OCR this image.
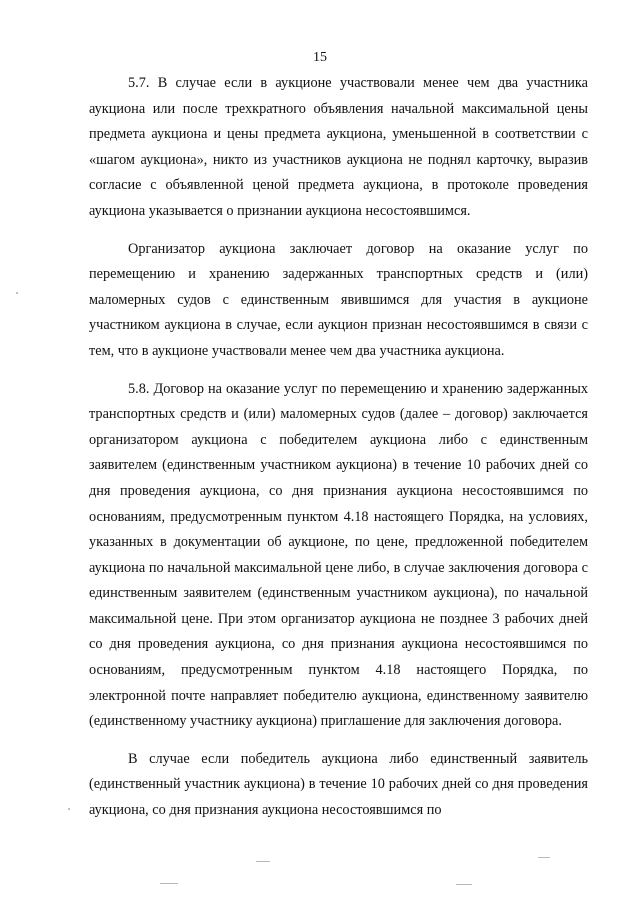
15

5.7. В случае если в аукционе участвовали менее чем два участника аукциона или после трехкратного объявления начальной максимальной цены предмета аукциона и цены предмета аукциона, уменьшенной в соответствии с «шагом аукциона», никто из участников аукциона не поднял карточку, выразив согласие с объявленной ценой предмета аукциона, в протоколе проведения аукциона указывается о признании аукциона несостоявшимся.

Организатор аукциона заключает договор на оказание услуг по перемещению и хранению задержанных транспортных средств и (или) маломерных судов с единственным явившимся для участия в аукционе участником аукциона в случае, если аукцион признан несостоявшимся в связи с тем, что в аукционе участвовали менее чем два участника аукциона.

5.8. Договор на оказание услуг по перемещению и хранению задержанных транспортных средств и (или) маломерных судов (далее – договор) заключается организатором аукциона с победителем аукциона либо с единственным заявителем (единственным участником аукциона) в течение 10 рабочих дней со дня проведения аукциона, со дня признания аукциона несостоявшимся по основаниям, предусмотренным пунктом 4.18 настоящего Порядка, на условиях, указанных в документации об аукционе, по цене, предложенной победителем аукциона по начальной максимальной цене либо, в случае заключения договора с единственным заявителем (единственным участником аукциона), по начальной максимальной цене. При этом организатор аукциона не позднее 3 рабочих дней со дня проведения аукциона, со дня признания аукциона несостоявшимся по основаниям, предусмотренным пунктом 4.18 настоящего Порядка, по электронной почте направляет победителю аукциона, единственному заявителю (единственному участнику аукциона) приглашение для заключения договора.

В случае если победитель аукциона либо единственный заявитель (единственный участник аукциона) в течение 10 рабочих дней со дня проведения аукциона, со дня признания аукциона несостоявшимся по
